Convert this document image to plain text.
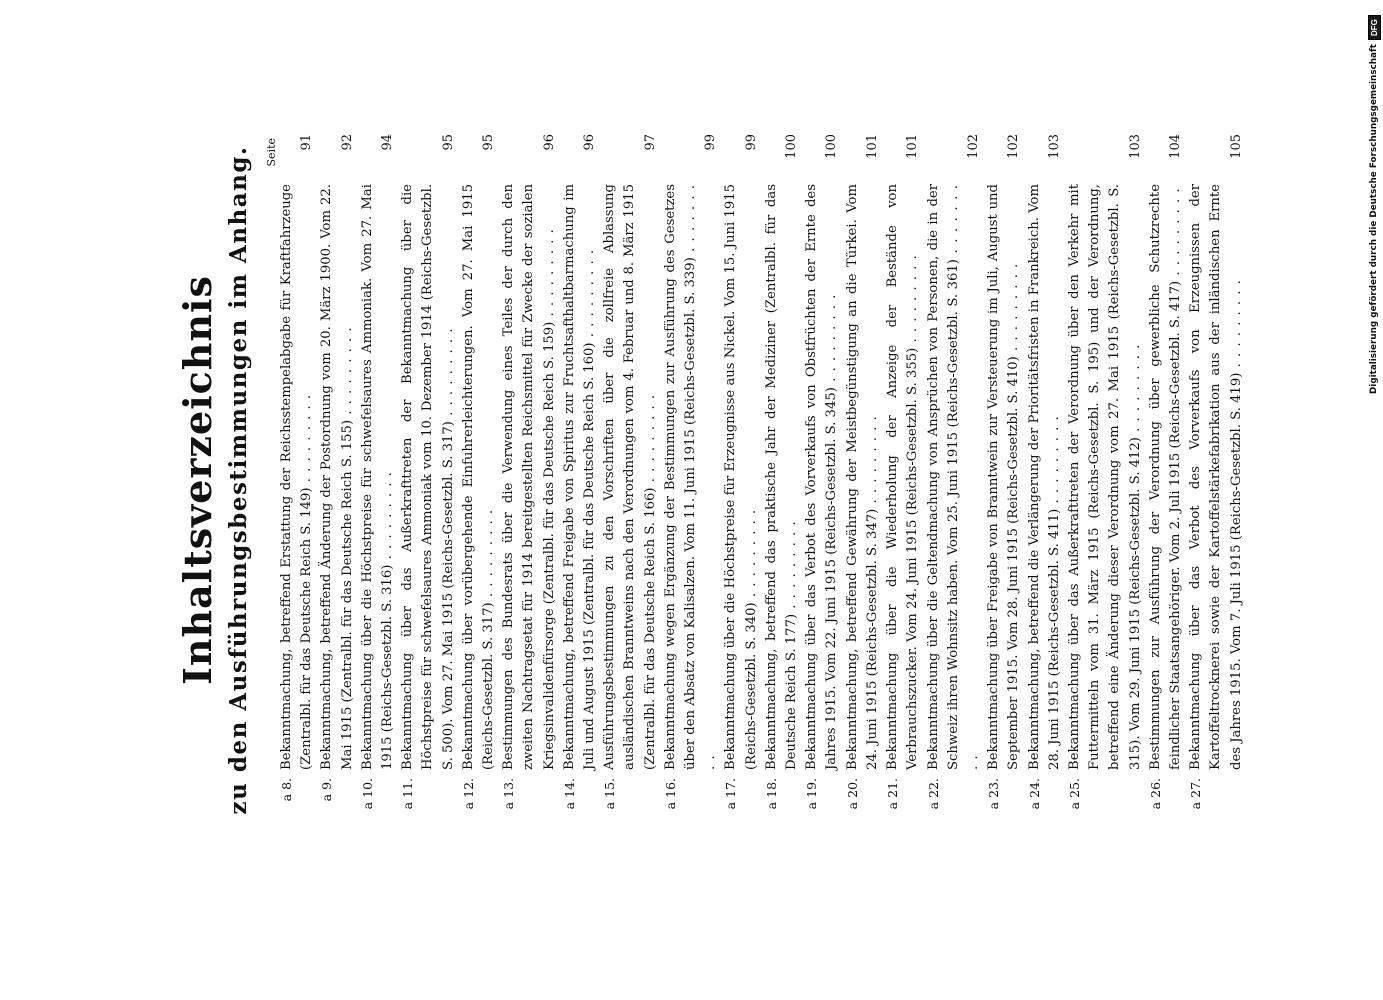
Inhaltsverzeichnis zu den Ausführungsbestimmungen im Anhang. Seite
a 8.
Bekanntmachung, betreffend Erstattung der Reichsstempelabgabe für Kraftfahrzeuge (Zentralbl. für das Deutsche Reich S. 149) . . . . . . . . .
91
a 9.
Bekanntmachung, betreffend Änderung der Postordnung vom 20. März 1900. Vom 22. Mai 1915 (Zentralbl. für das Deutsche Reich S. 155) . . . . . . . . .
92
a 10.
Bekanntmachung über die Höchstpreise für schwefelsaures Ammoniak. Vom 27. Mai 1915 (Reichs-Gesetzbl. S. 316) . . . . . . . . .
94
a 11.
Bekanntmachung über das Außerkrafttreten der Bekanntmachung über die Höchstpreise für schwefelsaures Ammoniak vom 10. Dezember 1914 (Reichs-Gesetzbl. S. 500). Vom 27. Mai 1915 (Reichs-Gesetzbl. S. 317) . . . . . . . . .
95
a 12.
Bekanntmachung über vorübergehende Einfuhrerleichterungen. Vom 27. Mai 1915 (Reichs-Gesetzbl. S. 317) . . . . . . . . .
95
a 13.
Bestimmungen des Bundesrats über die Verwendung eines Teiles der durch den zweiten Nachtragsetat für 1914 bereitgestellten Reichsmittel für Zwecke der sozialen Kriegsinvalidenfürsorge (Zentralbl. für das Deutsche Reich S. 159) . . . . . . . . .
96
a 14.
Bekanntmachung, betreffend Freigabe von Spiritus zur Fruchtsafthaltbarmachung im Juli und August 1915 (Zentralbl. für das Deutsche Reich S. 160) . . . . . . . . .
96
a 15.
Ausführungsbestimmungen zu den Vorschriften über die zollfreie Ablassung ausländischen Branntweins nach den Verordnungen vom 4. Februar und 8. März 1915 (Zentralbl. für das Deutsche Reich S. 166) . . . . . . . . .
97
a 16.
Bekanntmachung wegen Ergänzung der Bestimmungen zur Ausführung des Gesetzes über den Absatz von Kalisalzen. Vom 11. Juni 1915 (Reichs-Gesetzbl. S. 339) . . . . . . . . .
99
a 17.
Bekanntmachung über die Höchstpreise für Erzeugnisse aus Nickel. Vom 15. Juni 1915 (Reichs-Gesetzbl. S. 340) . . . . . . . . .
99
a 18.
Bekanntmachung, betreffend das praktische Jahr der Mediziner (Zentralbl. für das Deutsche Reich S. 177) . . . . . . . . .
100
a 19.
Bekanntmachung über das Verbot des Vorverkaufs von Obstfrüchten der Ernte des Jahres 1915. Vom 22. Juni 1915 (Reichs-Gesetzbl. S. 345) . . . . . . . . .
100
a 20.
Bekanntmachung, betreffend Gewährung der Meistbegünstigung an die Türkei. Vom 24. Juni 1915 (Reichs-Gesetzbl. S. 347) . . . . . . . . .
101
a 21.
Bekanntmachung über die Wiederholung der Anzeige der Bestände von Verbrauchszucker. Vom 24. Juni 1915 (Reichs-Gesetzbl. S. 355) . . . . . . . . .
101
a 22.
Bekanntmachung über die Geltendmachung von Ansprüchen von Personen, die in der Schweiz ihren Wohnsitz haben. Vom 25. Juni 1915 (Reichs-Gesetzbl. S. 361) . . . . . . . . .
102
a 23.
Bekanntmachung über Freigabe von Branntwein zur Versteuerung im Juli, August und September 1915. Vom 28. Juni 1915 (Reichs-Gesetzbl. S. 410) . . . . . . . . .
102
a 24.
Bekanntmachung, betreffend die Verlängerung der Prioritätsfristen in Frankreich. Vom 28. Juni 1915 (Reichs-Gesetzbl. S. 411) . . . . . . . . .
103
a 25.
Bekanntmachung über das Außerkrafttreten der Verordnung über den Verkehr mit Futtermitteln vom 31. März 1915 (Reichs-Gesetzbl. S. 195) und der Verordnung, betreffend eine Änderung dieser Verordnung vom 27. Mai 1915 (Reichs-Gesetzbl. S. 315). Vom 29. Juni 1915 (Reichs-Gesetzbl. S. 412) . . . . . . . . .
103
a 26.
Bestimmungen zur Ausführung der Verordnung über gewerbliche Schutzrechte feindlicher Staatsangehöriger. Vom 2. Juli 1915 (Reichs-Gesetzbl. S. 417) . . . . . . . . .
104
a 27.
Bekanntmachung über das Verbot des Vorverkaufs von Erzeugnissen der Kartoffeltrocknerei sowie der Kartoffelstärkefabrikation aus der inländischen Ernte des Jahres 1915. Vom 7. Juli 1915 (Reichs-Gesetzbl. S. 419) . . . . . . . . .
105	Digitalisierung gefördert durch die Deutsche Forschungsgemeinschaft
DFG
